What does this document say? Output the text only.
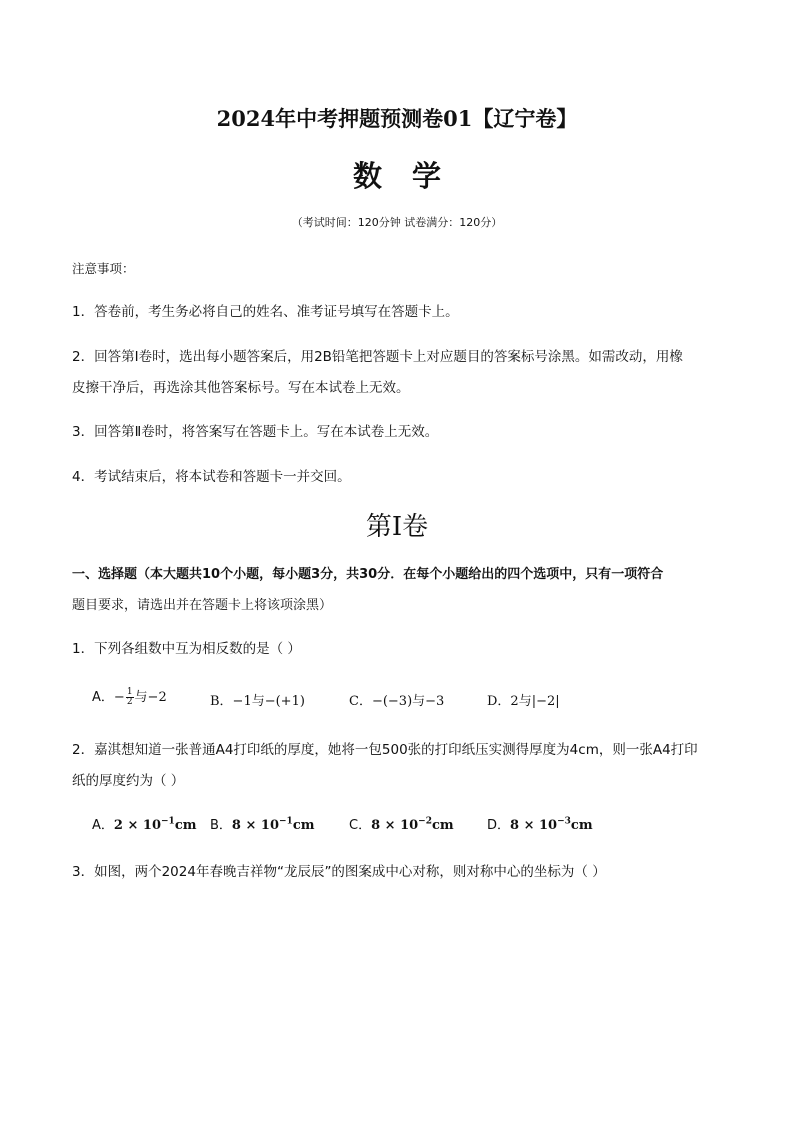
2024年中考押题预测卷01【辽宁卷】
数 学
（考试时间：120分钟 试卷满分：120分）
注意事项：
1．答卷前，考生务必将自己的姓名、准考证号填写在答题卡上。
2．回答第Ⅰ卷时，选出每小题答案后，用2B铅笔把答题卡上对应题目的答案标号涂黑。如需改动，用橡
皮擦干净后，再选涂其他答案标号。写在本试卷上无效。
3．回答第Ⅱ卷时，将答案写在答题卡上。写在本试卷上无效。
4．考试结束后，将本试卷和答题卡一并交回。
第Ⅰ卷
一、选择题（本大题共10个小题，每小题3分，共30分．在每个小题给出的四个选项中，只有一项符合
题目要求，请选出并在答题卡上将该项涂黑）
1．下列各组数中互为相反数的是（ ）
A．− $\frac{1}{2}$ 与−2	B．−1与−(+1)	C．−(−3)与−3	D．2与|−2|
2．嘉淇想知道一张普通A4打印纸的厚度，她将一包500张的打印纸压实测得厚度为4cm，则一张A4打印
纸的厚度约为（ ）
A．$2 \times 10^{-1}cm$ B．$8 \times 10^{-1}cm$	C．$8 \times 10^{-2}cm$	D．$8 \times 10^{-3}cm$
3．如图，两个2024年春晚吉祥物“龙辰辰”的图案成中心对称，则对称中心的坐标为（ ）
